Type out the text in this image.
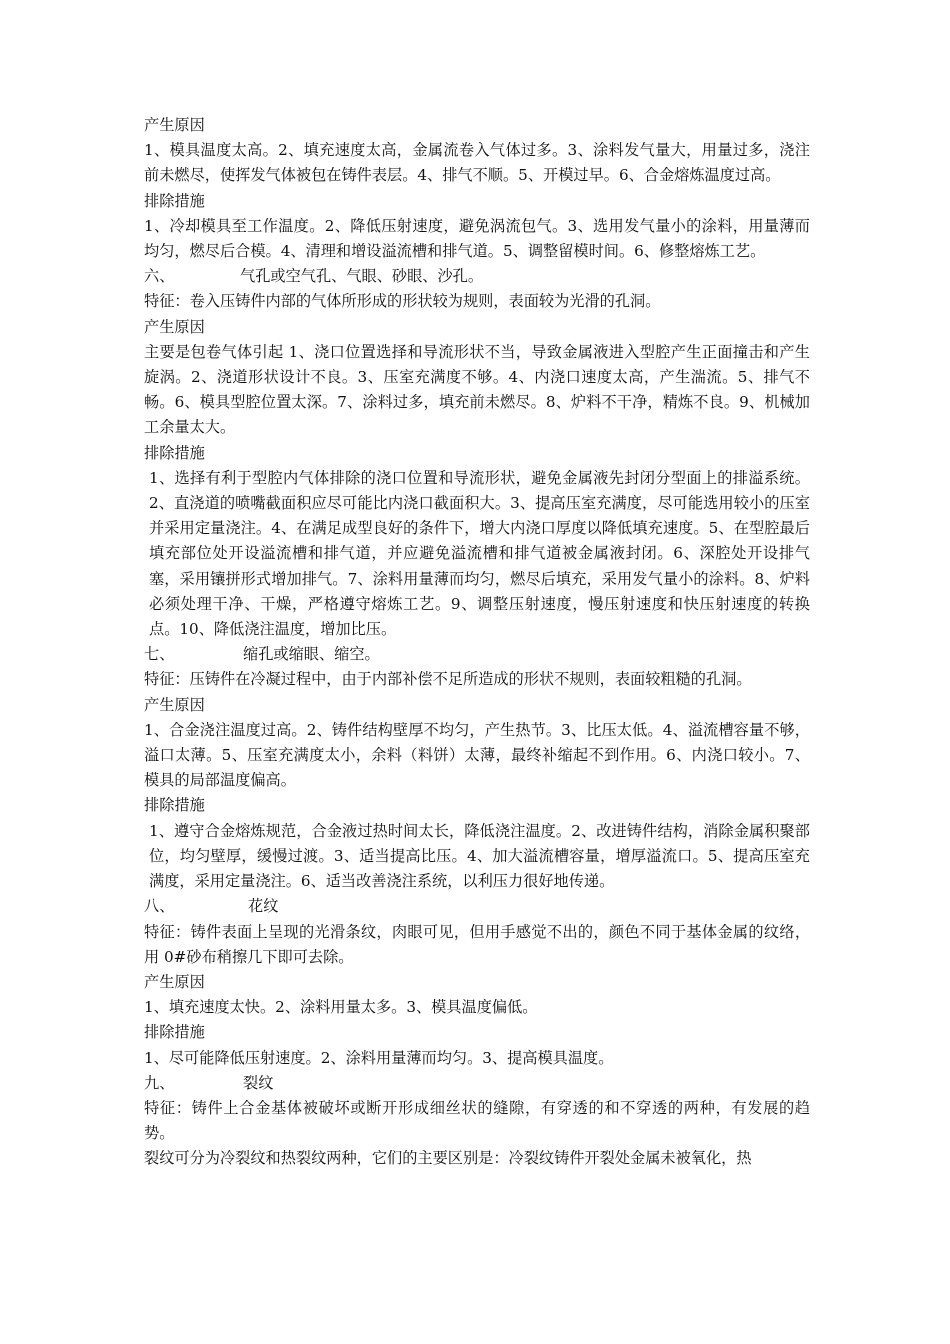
产生原因

1、模具温度太高。2、填充速度太高，金属流卷入气体过多。3、涂料发气量大，用量过多，浇注前未燃尽，使挥发气体被包在铸件表层。4、排气不顺。5、开模过早。6、合金熔炼温度过高。

排除措施

1、冷却模具至工作温度。2、降低压射速度，避免涡流包气。3、选用发气量小的涂料，用量薄而均匀，燃尽后合模。4、清理和增设溢流槽和排气道。5、调整留模时间。6、修整熔炼工艺。

六、	气孔或空气孔、气眼、砂眼、沙孔。

特征：卷入压铸件内部的气体所形成的形状较为规则，表面较为光滑的孔洞。

产生原因

主要是包卷气体引起 1、浇口位置选择和导流形状不当，导致金属液进入型腔产生正面撞击和产生旋涡。2、浇道形状设计不良。3、压室充满度不够。4、内浇口速度太高，产生湍流。5、排气不畅。6、模具型腔位置太深。7、涂料过多，填充前未燃尽。8、炉料不干净，精炼不良。9、机械加工余量太大。

排除措施

1、选择有利于型腔内气体排除的浇口位置和导流形状，避免金属液先封闭分型面上的排溢系统。2、直浇道的喷嘴截面积应尽可能比内浇口截面积大。3、提高压室充满度，尽可能选用较小的压室并采用定量浇注。4、在满足成型良好的条件下，增大内浇口厚度以降低填充速度。5、在型腔最后填充部位处开设溢流槽和排气道，并应避免溢流槽和排气道被金属液封闭。6、深腔处开设排气塞，采用镶拼形式增加排气。7、涂料用量薄而均匀，燃尽后填充，采用发气量小的涂料。8、炉料必须处理干净、干燥，严格遵守熔炼工艺。9、调整压射速度，慢压射速度和快压射速度的转换点。10、降低浇注温度，增加比压。

七、	缩孔或缩眼、缩空。

特征：压铸件在冷凝过程中，由于内部补偿不足所造成的形状不规则，表面较粗糙的孔洞。

产生原因

1、合金浇注温度过高。2、铸件结构壁厚不均匀，产生热节。3、比压太低。4、溢流槽容量不够，溢口太薄。5、压室充满度太小，余料（料饼）太薄，最终补缩起不到作用。6、内浇口较小。7、模具的局部温度偏高。

排除措施

1、遵守合金熔炼规范，合金液过热时间太长，降低浇注温度。2、改进铸件结构，消除金属积聚部位，均匀壁厚，缓慢过渡。3、适当提高比压。4、加大溢流槽容量，增厚溢流口。5、提高压室充满度，采用定量浇注。6、适当改善浇注系统，以利压力很好地传递。

八、	花纹

特征：铸件表面上呈现的光滑条纹，肉眼可见，但用手感觉不出的，颜色不同于基体金属的纹络，用 0#砂布稍擦几下即可去除。

产生原因

1、填充速度太快。2、涂料用量太多。3、模具温度偏低。

排除措施

1、尽可能降低压射速度。2、涂料用量薄而均匀。3、提高模具温度。

九、	裂纹

特征：铸件上合金基体被破坏或断开形成细丝状的缝隙，有穿透的和不穿透的两种，有发展的趋势。

裂纹可分为冷裂纹和热裂纹两种，它们的主要区别是：冷裂纹铸件开裂处金属未被氧化，热
